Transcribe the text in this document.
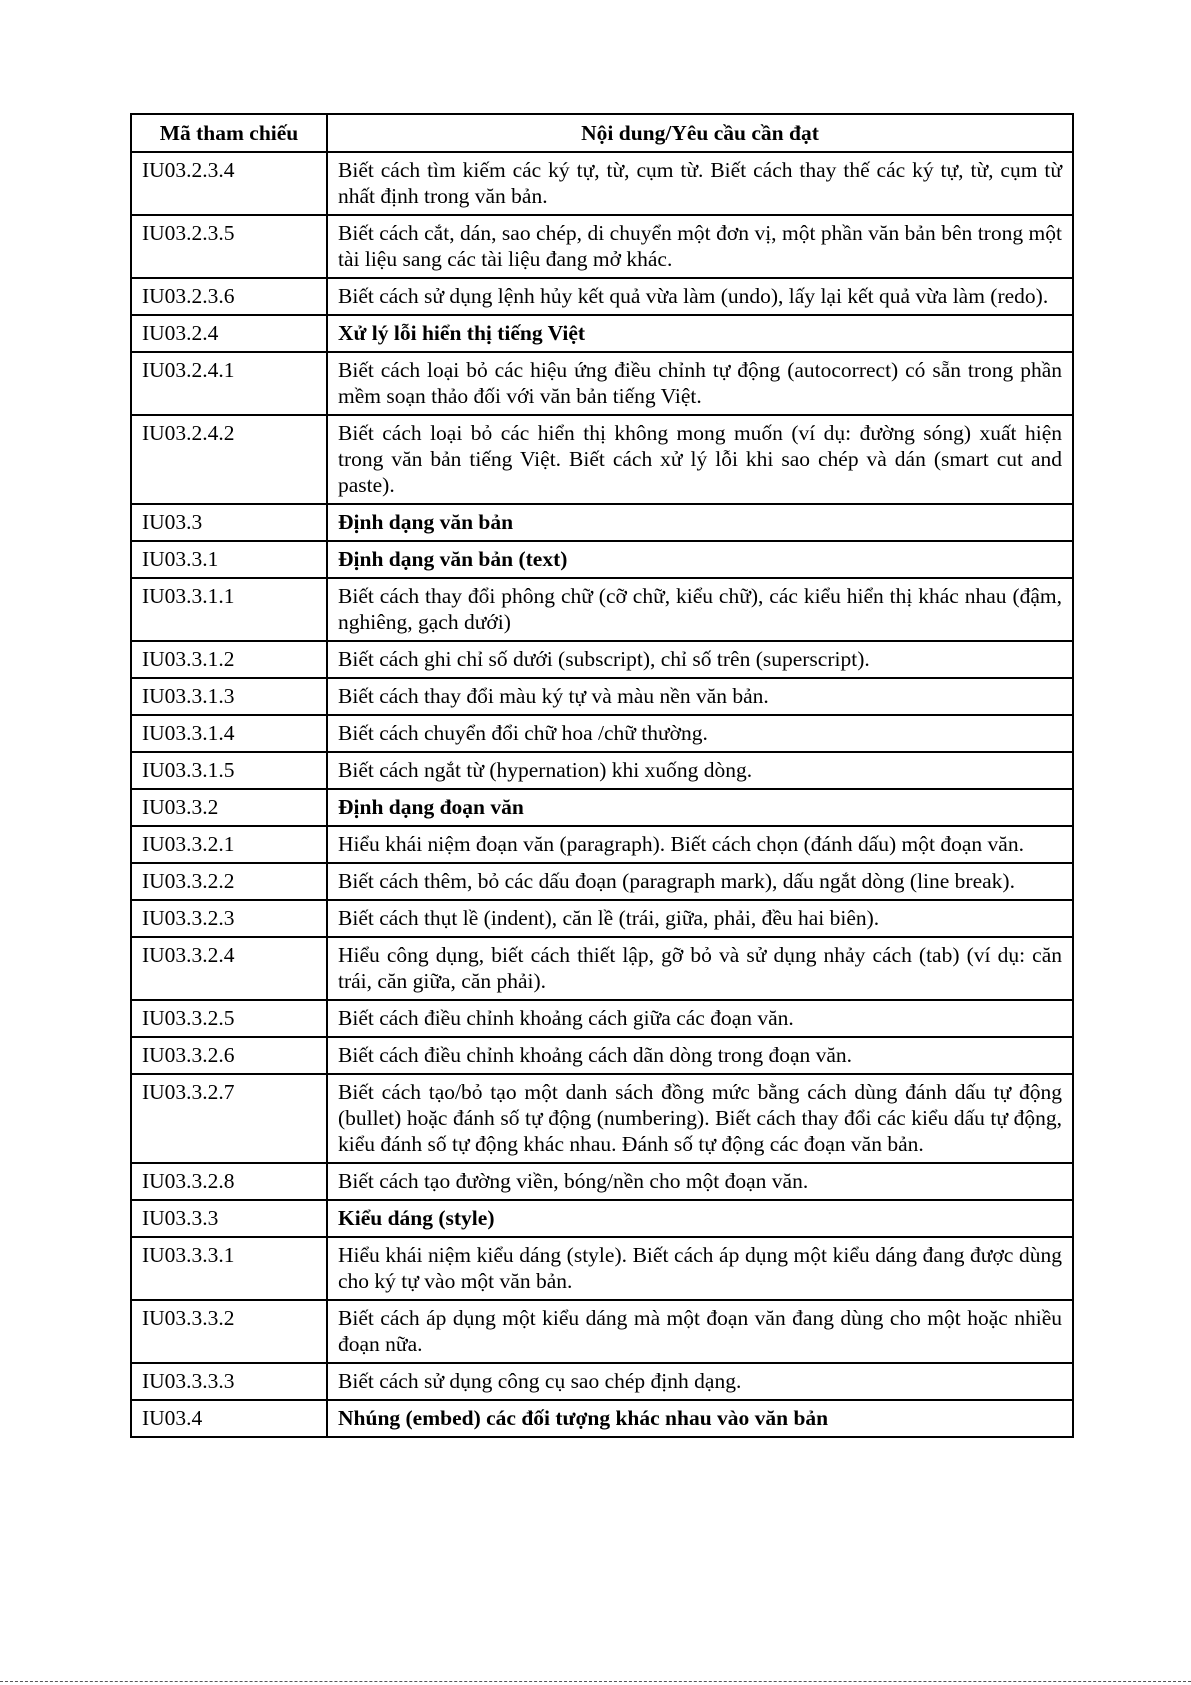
Mã tham chiếu	Nội dung/Yêu cầu cần đạt
IU03.2.3.4	Biết cách tìm kiếm các ký tự, từ, cụm từ. Biết cách thay thế các ký tự, từ, cụm từ nhất định trong văn bản.
IU03.2.3.5	Biết cách cắt, dán, sao chép, di chuyển một đơn vị, một phần văn bản bên trong một tài liệu sang các tài liệu đang mở khác.
IU03.2.3.6	Biết cách sử dụng lệnh hủy kết quả vừa làm (undo), lấy lại kết quả vừa làm (redo).
IU03.2.4	Xử lý lỗi hiển thị tiếng Việt
IU03.2.4.1	Biết cách loại bỏ các hiệu ứng điều chỉnh tự động (autocorrect) có sẵn trong phần mềm soạn thảo đối với văn bản tiếng Việt.
IU03.2.4.2	Biết cách loại bỏ các hiển thị không mong muốn (ví dụ: đường sóng) xuất hiện trong văn bản tiếng Việt. Biết cách xử lý lỗi khi sao chép và dán (smart cut and paste).
IU03.3	Định dạng văn bản
IU03.3.1	Định dạng văn bản (text)
IU03.3.1.1	Biết cách thay đổi phông chữ (cỡ chữ, kiểu chữ), các kiểu hiển thị khác nhau (đậm, nghiêng, gạch dưới)
IU03.3.1.2	Biết cách ghi chỉ số dưới (subscript), chỉ số trên (superscript).
IU03.3.1.3	Biết cách thay đổi màu ký tự và màu nền văn bản.
IU03.3.1.4	Biết cách chuyển đổi chữ hoa /chữ thường.
IU03.3.1.5	Biết cách ngắt từ (hypernation) khi xuống dòng.
IU03.3.2	Định dạng đoạn văn
IU03.3.2.1	Hiểu khái niệm đoạn văn (paragraph). Biết cách chọn (đánh dấu) một đoạn văn.
IU03.3.2.2	Biết cách thêm, bỏ các dấu đoạn (paragraph mark), dấu ngắt dòng (line break).
IU03.3.2.3	Biết cách thụt lề (indent), căn lề (trái, giữa, phải, đều hai biên).
IU03.3.2.4	Hiểu công dụng, biết cách thiết lập, gỡ bỏ và sử dụng nhảy cách (tab) (ví dụ: căn trái, căn giữa, căn phải).
IU03.3.2.5	Biết cách điều chỉnh khoảng cách giữa các đoạn văn.
IU03.3.2.6	Biết cách điều chỉnh khoảng cách dãn dòng trong đoạn văn.
IU03.3.2.7	Biết cách tạo/bỏ tạo một danh sách đồng mức bằng cách dùng đánh dấu tự động (bullet) hoặc đánh số tự động (numbering). Biết cách thay đổi các kiểu dấu tự động, kiểu đánh số tự động khác nhau. Đánh số tự động các đoạn văn bản.
IU03.3.2.8	Biết cách tạo đường viền, bóng/nền cho một đoạn văn.
IU03.3.3	Kiểu dáng (style)
IU03.3.3.1	Hiểu khái niệm kiểu dáng (style). Biết cách áp dụng một kiểu dáng đang được dùng cho ký tự vào một văn bản.
IU03.3.3.2	Biết cách áp dụng một kiểu dáng mà một đoạn văn đang dùng cho một hoặc nhiều đoạn nữa.
IU03.3.3.3	Biết cách sử dụng công cụ sao chép định dạng.
IU03.4	Nhúng (embed) các đối tượng khác nhau vào văn bản
